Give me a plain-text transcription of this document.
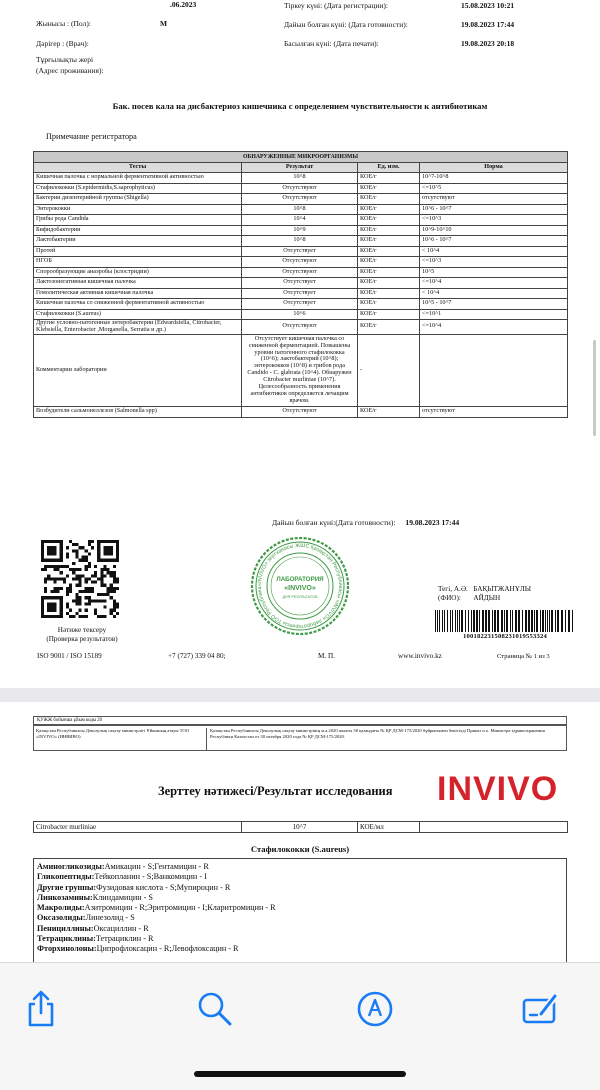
.06.2023
Жынысы : (Пол):	М
Дәрігер : (Врач):
Тұрғылықты жері
(Адрес проживания):
Тіркеу күні: (Дата регистрации):	15.08.2023 10:21
Дайын болған күні: (Дата готовности):	19.08.2023 17:44
Басылған күні: (Дата печати):	19.08.2023 20:18
Бак. посев кала на дисбактериоз кишечника с определением чувствительности к антибиотикам
Примечание регистратора
ОБНАРУЖЕННЫЕ МИКРООРГАНИЗМЫ			
Тесты	Результат	Ед. изм.	Норма
Кишечная палочка с нормальной ферментативной активностью	10^8	КОЕ/г	10^7-10^8
Стафилококки (S.epidermidis,S.saprophyticus)	Отсутствуют	КОЕ/г	<=10^5
Бактерии дизентерийной группы (Shigella)	Отсутствуют	КОЕ/г	отсутствуют
Энтерококки	10^8	КОЕ/г	10^6 - 10^7
Грибы рода Candida	10^4	КОЕ/г	<=10^3
Бифидобактерии	10^9	КОЕ/г	10^9-10^10
Лактобактерии	10^8	КОЕ/г	10^6 - 10^7
Протей	Отсутствует	КОЕ/г	< 10^4
НГОБ	Отсутствуют	КОЕ/г	<=10^3
Спорообразующие анаэробы (клостридии)	Отсутствуют	КОЕ/г	10^5
Лактозонегативная кишечная палочка	Отсутствует	КОЕ/г	<=10^4
Гемолитическая активная кишечная палочка	Отсутствует	КОЕ/г	< 10^4
Кишечная палочка со сниженной ферментативной активностью	Отсутствует	КОЕ/г	10^5 - 10^7
Стафилококки (S.aureus)	10^6	КОЕ/г	<=10^1
Другие условно-патогенные энтеробактерии (Edwardsiella, Citrobacter, Klebsiella, Enterobacter ,Morganella, Serratia и др.)	Отсутствуют	КОЕ/г	<=10^4
Комментарии лаборатории	Отсутствует кишечная палочка со сниженной ферментацией. Повышены уровни патогенного стафилококка (10^6); лактобактерий (10^8); энтерококков (10^8) и грибов рода Candido - C. glabrata (10^4). Обнаружен Citrobacter murliniae (10^7). Целесообразность применения антибиотиков определяется лечащим врачом.	-	
Возбудители сальмонеллезов (Salmonella spp)	Отсутствуют	КОЕ/г	отсутствуют
Дайын болған күні:(Дата готовности): 19.08.2023 17:44
Нәтиже тексеру
(Проверка результатов)
«INVIVO» зертханасы ЖШС Қазақстан Республикасы «INVIVO» лабораториясы ТОО Республика
ЛАБОРАТОРИЯ
«INVIVO»
ДЛЯ РЕЗУЛЬТАТОВ
Тегі, А.Ә. БАҚЫТЖАНҰЛЫ
(ФИО): АЙДЫН
10018223150823101955332​4
ISO 9001 / ISO 15189	+7 (727) 339 04 80;	М. П.	www.invivo.kz	Страница № 1 из 3
ҚУЖЖ бойынша ұйым коды 20
Қазақстан Республикасы Денсаулық сақтау министрлігі Ұйымның атауы ТОО «INVIVO» (ИНВИВО)
Қазақстан Республикасы Денсаулық сақтау министрінің м.а.2020 жылғы 30 қазандағы № ҚР ДСМ-175/2020 бұйрығымен бекітілді Приказ и.о. Министра здравоохранения Республики Казахстан от 30 октября 2020 года № ҚР ДСМ-175/2020.
Зерттеу нәтижесі/Результат исследования INVIVO
Citrobacter murliniae	10^7	КОЕ/мл	
Стафилококки (S.aureus)
Аминогликозиды:Амикацин - S;Гентамицин - R
Гликопептиды:Тейкопланин - S;Ванкомицин - I
Другие группы:Фузидовая кислота - S;Мупироцин - R
Линкозамины:Клиндамицин - S
Макролиды:Азитромицин - R;Эритромицин - I;Кларитромицин - R
Оксазолиды:Линезолид - S
Пенициллины:Оксациллин - R
Тетрациклины:Тетрациклин - R
Фторхинолоны:Ципрофлоксацин - R;Левофлоксацин - R
